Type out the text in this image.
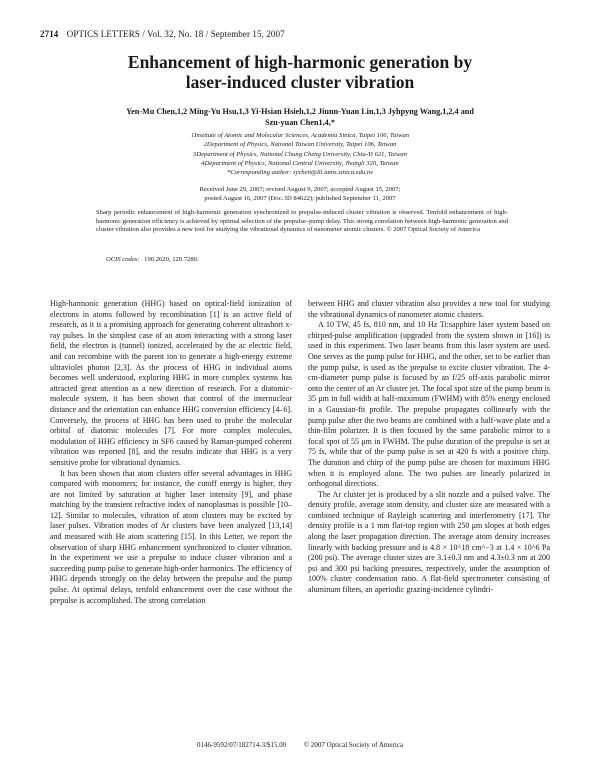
2714 OPTICS LETTERS / Vol. 32, No. 18 / September 15, 2007
Enhancement of high-harmonic generation by
laser-induced cluster vibration
Yen-Mu Chen,1,2 Ming-Yu Hsu,1,3 Yi-Hsian Hsieh,1,2 Jiunn-Yuan Lin,1,3 Jyhpyng Wang,1,2,4 and
Szu-yuan Chen1,4,*
1Institute of Atomic and Molecular Sciences, Academia Sinica, Taipei 106, Taiwan
2Department of Physics, National Taiwan University, Taipei 106, Taiwan
3Department of Physics, National Chung Cheng University, Chia-Yi 621, Taiwan
4Department of Physics, National Central University, Jhongli 320, Taiwan
*Corresponding author: sychen@ltl.iams.sinica.edu.tw
Received June 29, 2007; revised August 9, 2007; accepted August 15, 2007;
posted August 16, 2007 (Doc. ID 84622); published September 11, 2007
Sharp periodic enhancement of high-harmonic generation synchronized to prepulse-induced cluster vibration is observed. Tenfold enhancement of high-harmonic generation efficiency is achieved by optimal selection of the prepulse–pump delay. This strong correlation between high-harmonic generation and cluster vibration also provides a new tool for studying the vibrational dynamics of nanometer atomic clusters. © 2007 Optical Society of America
OCIS codes: 190.2620, 120.7280.

High-harmonic generation (HHG) based on optical-field ionization of electrons in atoms followed by recombination [1] is an active field of research, as it is a promising approach for generating coherent ultrashort x-ray pulses. In the simplest case of an atom interacting with a strong laser field, the electron is (tunnel) ionized, accelerated by the ac electric field, and can recombine with the parent ion to generate a high-energy extreme ultraviolet photon [2,3]. As the process of HHG in individual atoms becomes well understood, exploring HHG in more complex systems has attracted great attention as a new direction of research. For a diatomic-molecule system, it has been shown that control of the internuclear distance and the orientation can enhance HHG conversion efficiency [4–6]. Conversely, the process of HHG has been used to probe the molecular orbital of diatomic molecules [7]. For more complex molecules, modulation of HHG efficiency in SF6 caused by Raman-pumped coherent vibration was reported [8], and the results indicate that HHG is a very sensitive probe for vibrational dynamics.

It has been shown that atom clusters offer several advantages in HHG compared with monomers; for instance, the cutoff energy is higher, they are not limited by saturation at higher laser intensity [9], and phase matching by the transient refractive index of nanoplasmas is possible [10–12]. Similar to molecules, vibration of atom clusters may be excited by laser pulses. Vibration modes of Ar clusters have been analyzed [13,14] and measured with He atom scattering [15]. In this Letter, we report the observation of sharp HHG enhancement synchronized to cluster vibration. In the experiment we use a prepulse to induce cluster vibration and a succeeding pump pulse to generate high-order harmonics. The efficiency of HHG depends strongly on the delay between the prepulse and the pump pulse. At optimal delays, tenfold enhancement over the case without the prepulse is accomplished. The strong correlation

between HHG and cluster vibration also provides a new tool for studying the vibrational dynamics of nanometer atomic clusters.

A 10 TW, 45 fs, 810 nm, and 10 Hz Ti:sapphire laser system based on chirped-pulse amplification (upgraded from the system shown in [16]) is used in this experiment. Two laser beams from this laser system are used. One serves as the pump pulse for HHG, and the other, set to be earlier than the pump pulse, is used as the prepulse to excite cluster vibration. The 4-cm-diameter pump pulse is focused by an f/25 off-axis parabolic mirror onto the center of an Ar cluster jet. The focal spot size of the pump beam is 35 μm in full width at half-maximum (FWHM) with 85% energy enclosed in a Gaussian-fit profile. The prepulse propagates collinearly with the pump pulse after the two beams are combined with a half-wave plate and a thin-film polarizer. It is then focused by the same parabolic mirror to a focal spot of 55 μm in FWHM. The pulse duration of the prepulse is set at 75 fs, while that of the pump pulse is set at 420 fs with a positive chirp. The duration and chirp of the pump pulse are chosen for maximum HHG when it is employed alone. The two pulses are linearly polarized in orthogonal directions.

The Ar cluster jet is produced by a slit nozzle and a pulsed valve. The density profile, average atom density, and cluster size are measured with a combined technique of Rayleigh scattering and interferometry [17]. The density profile is a 1 mm flat-top region with 250 μm slopes at both edges along the laser propagation direction. The average atom density increases linearly with backing pressure and is 4.8 × 10^18 cm^−3 at 1.4 × 10^6 Pa (200 psi). The average cluster sizes are 3.1±0.3 nm and 4.3±0.3 nm at 200 psi and 300 psi backing pressures, respectively, under the assumption of 100% cluster condensation ratio. A flat-field spectrometer consisting of aluminum filters, an aperiodic grazing-incidence cylindri-

0146-9592/07/182714-3/$15.00          © 2007 Optical Society of America
